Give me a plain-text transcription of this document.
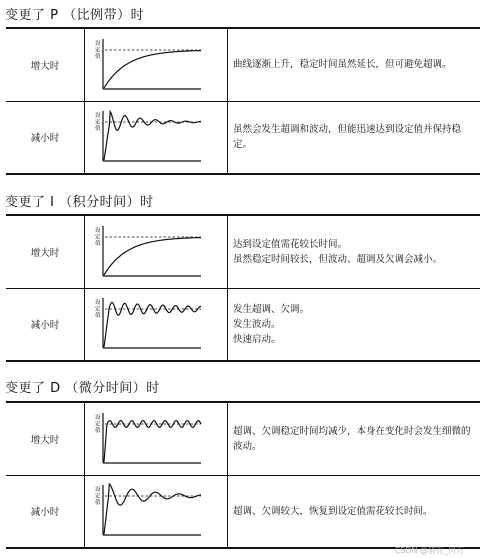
变更了 P （比例带）时
增大时	设定值	曲线逐渐上升，稳定时间虽然延长，但可避免超调。

减小时	设定值	虽然会发生超调和波动，但能迅速达到设定值并保持稳定。
变更了 I （积分时间）时
增大时	设定值	达到设定值需花较长时间。
虽然稳定时间较长，但波动、超调及欠调会减小。

减小时	设定值	发生超调、欠调。
发生波动。
快速启动。
变更了 D （微分时间）时
增大时	设定值	超调、欠调稳定时间均减少，本身在变化时会发生细微的波动。

减小时	设定值	超调、欠调较大，恢复到设定值需花较长时间。
CSDN @猫在_何方
